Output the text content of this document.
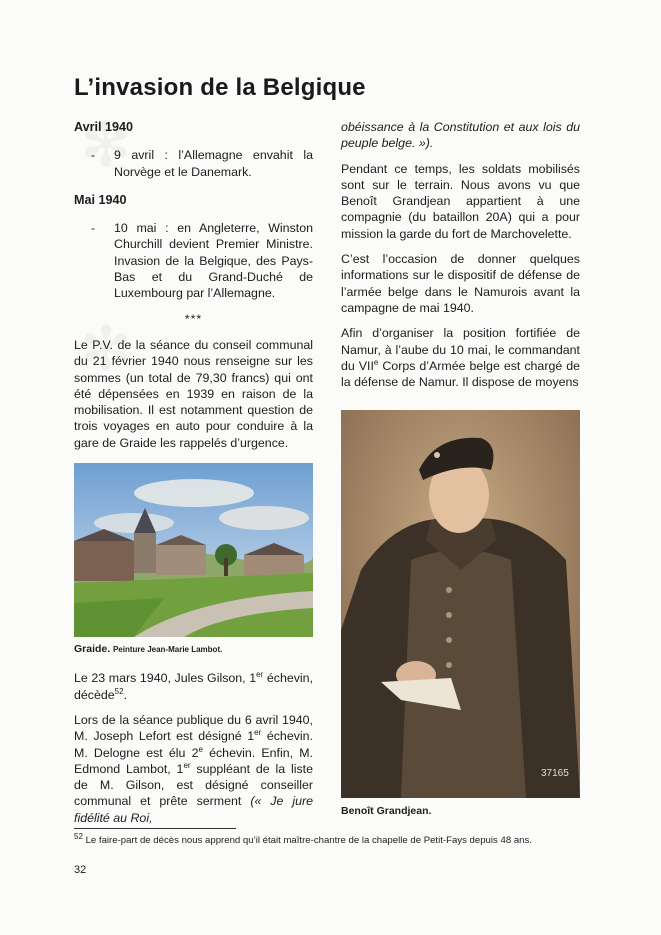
L’invasion de la Belgique
Avril 1940
-	9 avril : l’Allemagne envahit la Norvège et le Danemark.
Mai 1940
-	10 mai : en Angleterre, Winston Churchill devient Premier Ministre. Invasion de la Belgique, des Pays-Bas et du Grand-Duché de Luxembourg par l’Allemagne.
***

Le P.V. de la séance du conseil communal du 21 février 1940 nous renseigne sur les sommes (un total de 79,30 francs) qui ont été dépensées en 1939 en raison de la mobilisation. Il est notamment question de trois voyages en auto pour conduire à la gare de Graide les rappelés d’urgence.

Graide. Peinture Jean-Marie Lambot.

Le 23 mars 1940, Jules Gilson, 1er échevin, décède$^{52}$.

Lors de la séance publique du 6 avril 1940, M. Joseph Lefort est désigné 1er échevin. M. Delogne est élu 2e échevin. Enfin, M. Edmond Lambot, 1er suppléant de la liste de M. Gilson, est désigné conseiller communal et prête serment (« Je jure fidélité au Roi,

obéissance à la Constitution et aux lois du peuple belge. »).

Pendant ce temps, les soldats mobilisés sont sur le terrain. Nous avons vu que Benoît Grandjean appartient à une compagnie (du bataillon 20A) qui a pour mission la garde du fort de Marchovelette.

C’est l’occasion de donner quelques informations sur le dispositif de défense de l’armée belge dans le Namurois avant la campagne de mai 1940.

Afin d’organiser la position fortifiée de Namur, à l’aube du 10 mai, le commandant du VIIe Corps d’Armée belge est chargé de la défense de Namur. Il dispose de moyens

37165
Benoît Grandjean.
$^{52}$ Le faire-part de décès nous apprend qu’il était maître-chantre de la chapelle de Petit-Fays depuis 48 ans.
32
